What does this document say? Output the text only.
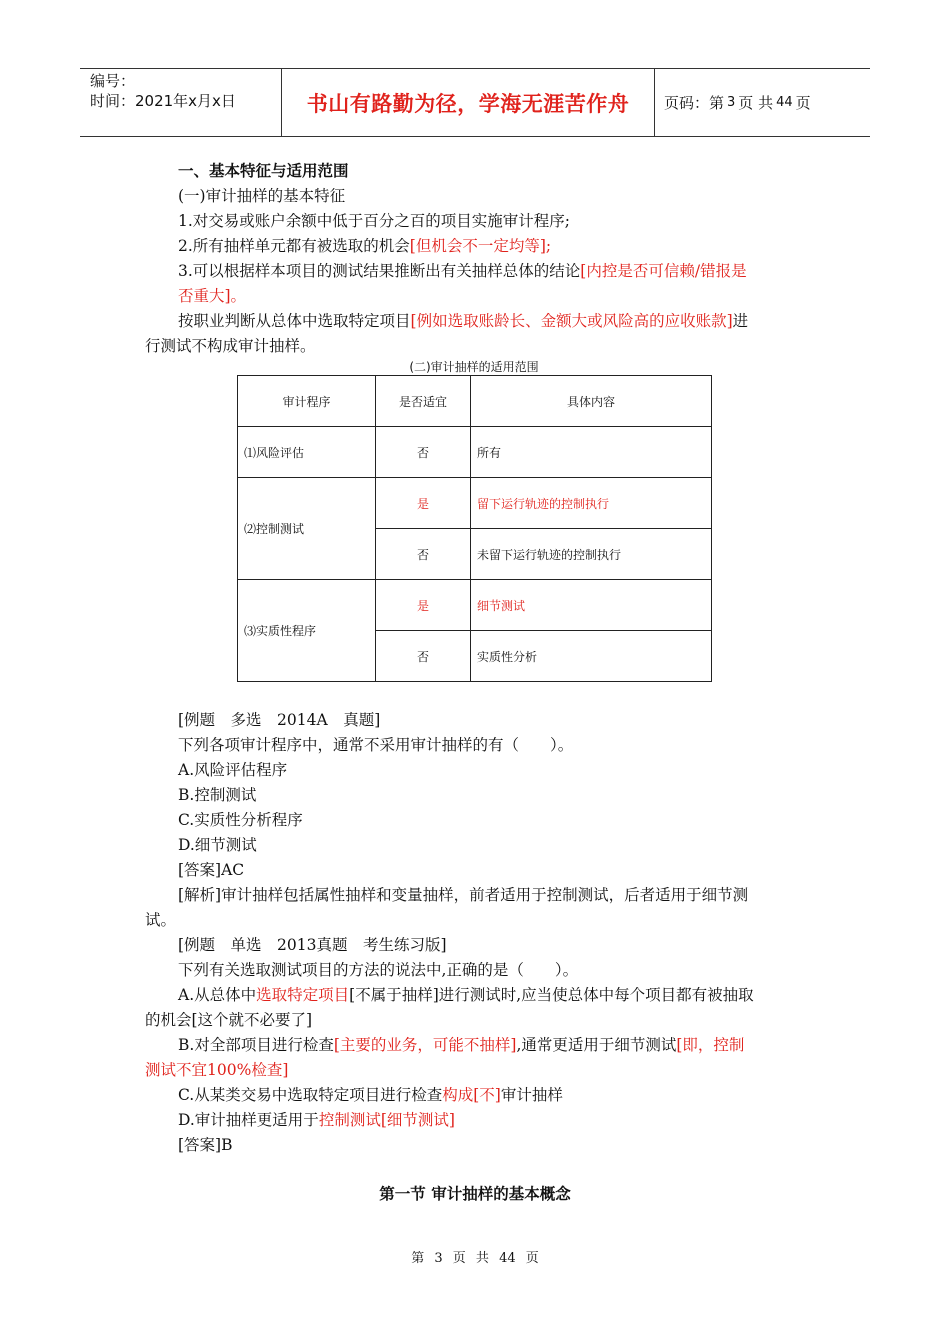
编号：
时间：2021年x月x日	书山有路勤为径，学海无涯苦作舟	页码：第 3 页 共 44 页
一、基本特征与适用范围
(一)审计抽样的基本特征
1.对交易或账户余额中低于百分之百的项目实施审计程序;
2.所有抽样单元都有被选取的机会[但机会不一定均等];
3.可以根据样本项目的测试结果推断出有关抽样总体的结论[内控是否可信赖/错报是
否重大]。
按职业判断从总体中选取特定项目[例如选取账龄长、金额大或风险高的应收账款]进
行测试不构成审计抽样。
(二)审计抽样的适用范围
审计程序	是否适宜	具体内容
⑴风险评估	否	所有
⑵控制测试	是	留下运行轨迹的控制执行
	否	未留下运行轨迹的控制执行
⑶实质性程序	是	细节测试
	否	实质性分析
[例题　多选　2014A　真题]
下列各项审计程序中，通常不采用审计抽样的有（　　）。
A.风险评估程序
B.控制测试
C.实质性分析程序
D.细节测试
[答案]AC
[解析]审计抽样包括属性抽样和变量抽样，前者适用于控制测试，后者适用于细节测
试。
[例题　单选　2013真题　考生练习版]
下列有关选取测试项目的方法的说法中,正确的是（　　）。
A.从总体中选取特定项目[不属于抽样]进行测试时,应当使总体中每个项目都有被抽取
的机会[这个就不必要了]
B.对全部项目进行检查[主要的业务，可能不抽样],通常更适用于细节测试[即，控制
测试不宜100%检查]
C.从某类交易中选取特定项目进行检查构成[不]审计抽样
D.审计抽样更适用于控制测试[细节测试]
[答案]B
第一节 审计抽样的基本概念
第 3 页 共 44 页
